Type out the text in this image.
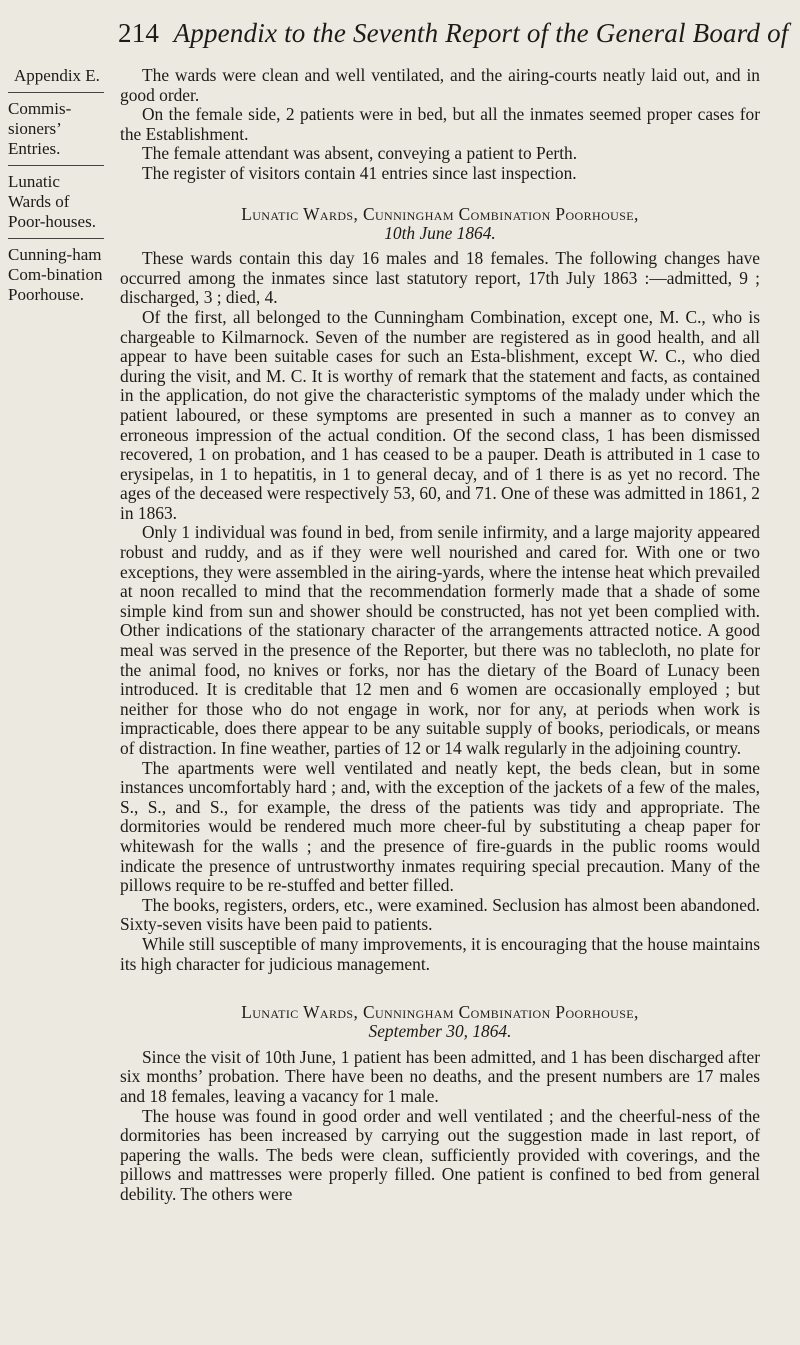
214 Appendix to the Seventh Report of the General Board of

Appendix E.

Commis-sioners’ Entries.

Lunatic Wards of Poor-houses.

Cunning-ham Com-bination Poorhouse.

The wards were clean and well ventilated, and the airing-courts neatly laid out, and in good order.

On the female side, 2 patients were in bed, but all the inmates seemed proper cases for the Establishment.

The female attendant was absent, conveying a patient to Perth.

The register of visitors contain 41 entries since last inspection.

Lunatic Wards, Cunningham Combination Poorhouse,
10th June 1864.

These wards contain this day 16 males and 18 females. The following changes have occurred among the inmates since last statutory report, 17th July 1863 :—admitted, 9 ; discharged, 3 ; died, 4.

Of the first, all belonged to the Cunningham Combination, except one, M. C., who is chargeable to Kilmarnock. Seven of the number are registered as in good health, and all appear to have been suitable cases for such an Esta-blishment, except W. C., who died during the visit, and M. C. It is worthy of remark that the statement and facts, as contained in the application, do not give the characteristic symptoms of the malady under which the patient laboured, or these symptoms are presented in such a manner as to convey an erroneous impression of the actual condition. Of the second class, 1 has been dismissed recovered, 1 on probation, and 1 has ceased to be a pauper. Death is attributed in 1 case to erysipelas, in 1 to hepatitis, in 1 to general decay, and of 1 there is as yet no record. The ages of the deceased were respectively 53, 60, and 71. One of these was admitted in 1861, 2 in 1863.

Only 1 individual was found in bed, from senile infirmity, and a large majority appeared robust and ruddy, and as if they were well nourished and cared for. With one or two exceptions, they were assembled in the airing-yards, where the intense heat which prevailed at noon recalled to mind that the recommendation formerly made that a shade of some simple kind from sun and shower should be constructed, has not yet been complied with. Other indications of the stationary character of the arrangements attracted notice. A good meal was served in the presence of the Reporter, but there was no tablecloth, no plate for the animal food, no knives or forks, nor has the dietary of the Board of Lunacy been introduced. It is creditable that 12 men and 6 women are occasionally employed ; but neither for those who do not engage in work, nor for any, at periods when work is impracticable, does there appear to be any suitable supply of books, periodicals, or means of distraction. In fine weather, parties of 12 or 14 walk regularly in the adjoining country.

The apartments were well ventilated and neatly kept, the beds clean, but in some instances uncomfortably hard ; and, with the exception of the jackets of a few of the males, S., S., and S., for example, the dress of the patients was tidy and appropriate. The dormitories would be rendered much more cheer-ful by substituting a cheap paper for whitewash for the walls ; and the presence of fire-guards in the public rooms would indicate the presence of untrustworthy inmates requiring special precaution. Many of the pillows require to be re-stuffed and better filled.

The books, registers, orders, etc., were examined. Seclusion has almost been abandoned. Sixty-seven visits have been paid to patients.

While still susceptible of many improvements, it is encouraging that the house maintains its high character for judicious management.

Lunatic Wards, Cunningham Combination Poorhouse,
September 30, 1864.

Since the visit of 10th June, 1 patient has been admitted, and 1 has been discharged after six months’ probation. There have been no deaths, and the present numbers are 17 males and 18 females, leaving a vacancy for 1 male.

The house was found in good order and well ventilated ; and the cheerful-ness of the dormitories has been increased by carrying out the suggestion made in last report, of papering the walls. The beds were clean, sufficiently provided with coverings, and the pillows and mattresses were properly filled. One patient is confined to bed from general debility. The others were
